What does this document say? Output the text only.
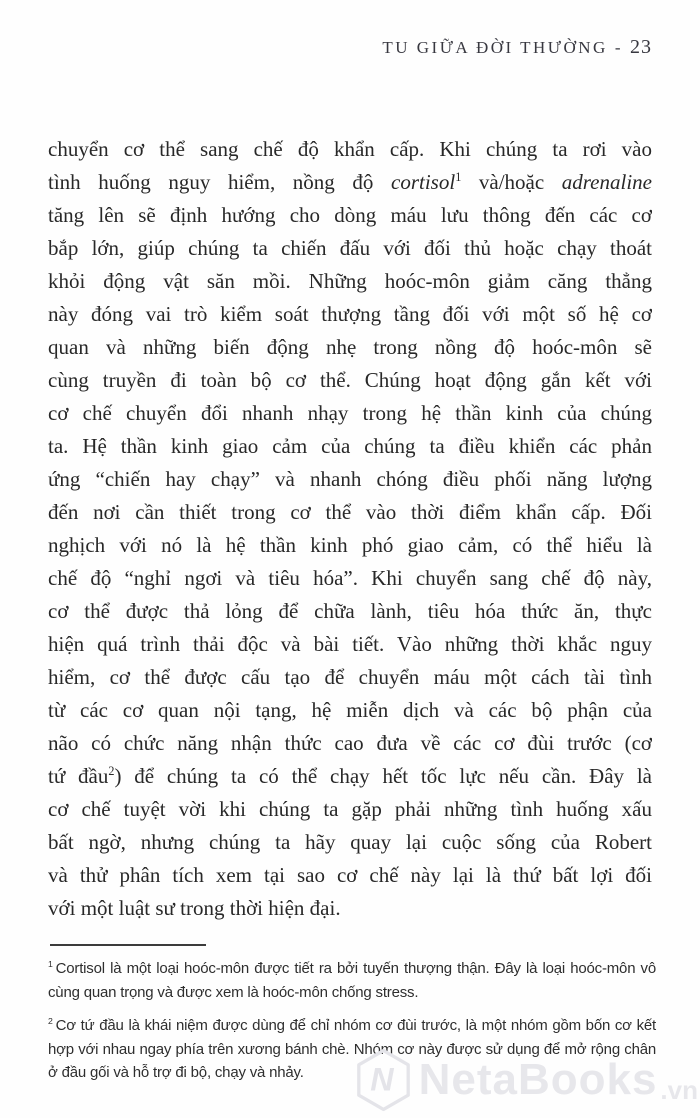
TU GIỮA ĐỜI THƯỜNG - 23
chuyển cơ thể sang chế độ khẩn cấp. Khi chúng ta rơi vào
tình huống nguy hiểm, nồng độ cortisol$^1$ và/hoặc adrenaline
tăng lên sẽ định hướng cho dòng máu lưu thông đến các cơ
bắp lớn, giúp chúng ta chiến đấu với đối thủ hoặc chạy thoát
khỏi động vật săn mồi. Những hoóc-môn giảm căng thẳng
này đóng vai trò kiểm soát thượng tầng đối với một số hệ cơ
quan và những biến động nhẹ trong nồng độ hoóc-môn sẽ
cùng truyền đi toàn bộ cơ thể. Chúng hoạt động gắn kết với
cơ chế chuyển đổi nhanh nhạy trong hệ thần kinh của chúng
ta. Hệ thần kinh giao cảm của chúng ta điều khiển các phản
ứng “chiến hay chạy” và nhanh chóng điều phối năng lượng
đến nơi cần thiết trong cơ thể vào thời điểm khẩn cấp. Đối
nghịch với nó là hệ thần kinh phó giao cảm, có thể hiểu là
chế độ “nghỉ ngơi và tiêu hóa”. Khi chuyển sang chế độ này,
cơ thể được thả lỏng để chữa lành, tiêu hóa thức ăn, thực
hiện quá trình thải độc và bài tiết. Vào những thời khắc nguy
hiểm, cơ thể được cấu tạo để chuyển máu một cách tài tình
từ các cơ quan nội tạng, hệ miễn dịch và các bộ phận của
não có chức năng nhận thức cao đưa về các cơ đùi trước (cơ
tứ đầu$^2$) để chúng ta có thể chạy hết tốc lực nếu cần. Đây là
cơ chế tuyệt vời khi chúng ta gặp phải những tình huống xấu
bất ngờ, nhưng chúng ta hãy quay lại cuộc sống của Robert
và thử phân tích xem tại sao cơ chế này lại là thứ bất lợi đối
với một luật sư trong thời hiện đại.
$^1$ Cortisol là một loại hoóc-môn được tiết ra bởi tuyến thượng thận. Đây là loại hoóc-môn vô cùng quan trọng và được xem là hoóc-môn chống stress.
$^2$ Cơ tứ đầu là khái niệm được dùng để chỉ nhóm cơ đùi trước, là một nhóm gồm bốn cơ kết hợp với nhau ngay phía trên xương bánh chè. Nhóm cơ này được sử dụng để mở rộng chân ở đầu gối và hỗ trợ đi bộ, chạy và nhảy.	N NetaBooks .vn
